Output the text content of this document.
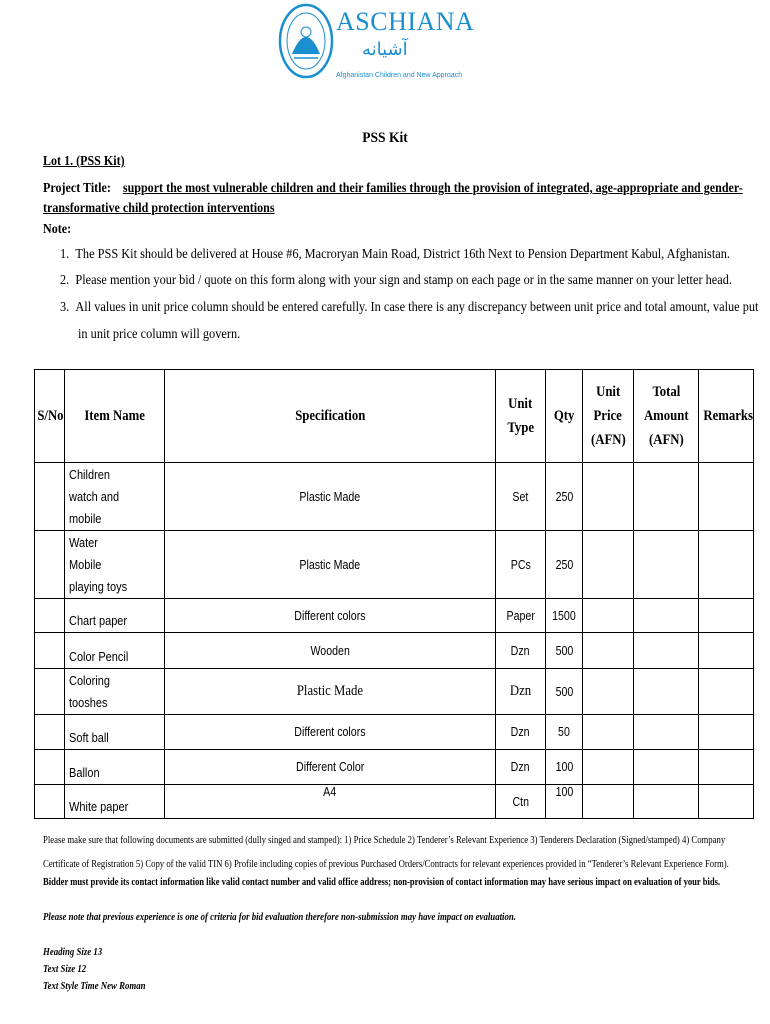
ASCHIANA
آشیانه
Afghanistan Children and New Approach
PSS Kit
Lot 1. (PSS Kit)
Project Title: support the most vulnerable children and their families through the provision of integrated, age-appropriate and gender-
transformative child protection interventions
Note:
1. The PSS Kit should be delivered at House #6, Macroryan Main Road, District 16th Next to Pension Department Kabul, Afghanistan.
2. Please mention your bid / quote on this form along with your sign and stamp on each page or in the same manner on your letter head.
3. All values in unit price column should be entered carefully. In case there is any discrepancy between unit price and total amount, value put
in unit price column will govern.
S/No	Item Name	Specification	Unit
Type	Qty	Unit
Price
(AFN)	Total
Amount
(AFN)	Remarks
	Children
watch and
mobile	Plastic Made	Set	250			
	Water
Mobile
playing toys	Plastic Made	PCs	250			
	Chart paper	Different colors	Paper	1500			
	Color Pencil	Wooden	Dzn	500			
	Coloring
tooshes	Plastic Made	Dzn	500			
	Soft ball	Different colors	Dzn	50			
	Ballon	Different Color	Dzn	100			
	White paper	A4	Ctn	100			
Please make sure that following documents are submitted (dully singed and stamped): 1) Price Schedule 2) Tenderer’s Relevant Experience 3) Tenderers Declaration (Signed/stamped) 4) Company
Certificate of Registration 5) Copy of the valid TIN 6) Profile including copies of previous Purchased Orders/Contracts for relevant experiences provided in “Tenderer’s Relevant Experience Form).
Bidder must provide its contact information like valid contact number and valid office address; non-provision of contact information may have serious impact on evaluation of your bids.
Please note that previous experience is one of criteria for bid evaluation therefore non-submission may have impact on evaluation.
Heading Size 13
Text Size 12
Text Style Time New Roman
